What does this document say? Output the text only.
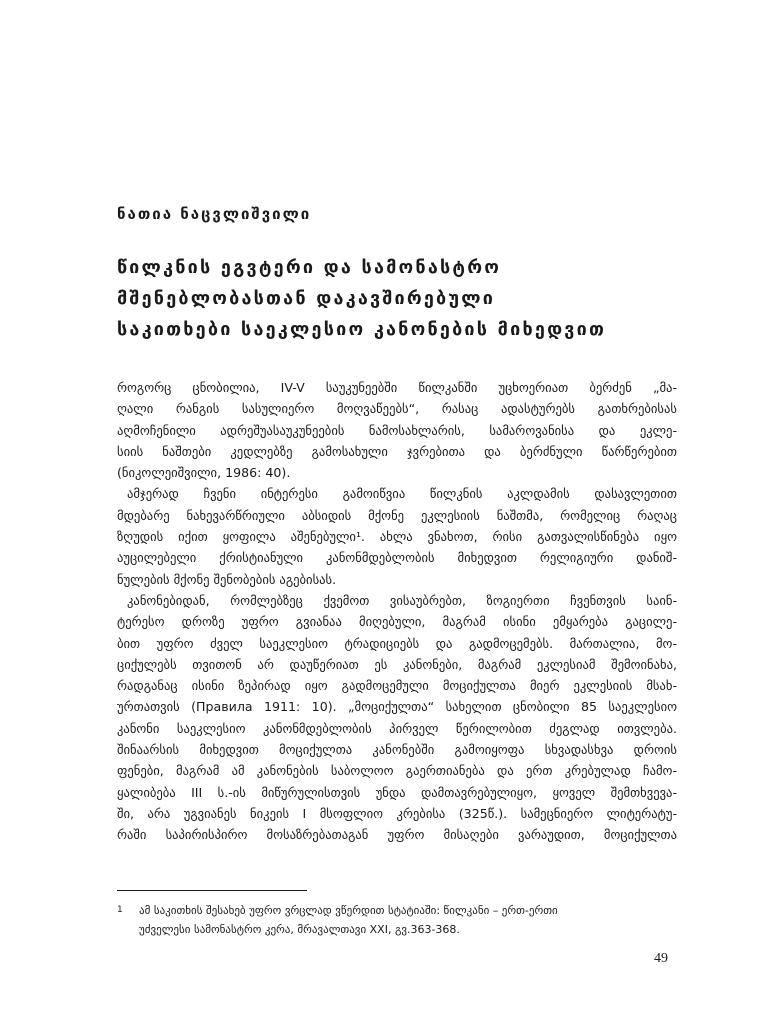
ნათია ნაცვლიშვილი
წილკნის ეგვტერი და სამონასტრო
მშენებლობასთან დაკავშირებული
საკითხები საეკლესიო კანონების მიხედვით
როგორც ცნობილია, IV-V საუკუნეებში წილკანში უცხოერიათ ბერძენ „მა-
ღალი რანგის სასულიერო მოღვაწეებს“, რასაც ადასტურებს გათხრებისას
აღმოჩენილი ადრეშუასაუკუნეების ნამოსახლარის, სამაროვანისა და ეკლე-
სიის ნაშთები კედლებზე გამოსახული ჯვრებითა და ბერძნული წარწერებით
(ნიკოლეიშვილი, 1986: 40).
ამჯერად ჩვენი ინტერესი გამოიწვია წილკნის აკლდამის დასავლეთით
მდებარე ნახევარწრიული აბსიდის მქონე ეკლესიის ნაშთმა, რომელიც რაღაც
ზღუდის იქით ყოფილა აშენებული¹. ახლა ვნახოთ, რისი გათვალისწინება იყო
აუცილებელი ქრისტიანული კანონმდებლობის მიხედვით რელიგიური დანიშ-
ნულების მქონე შენობების აგებისას.
კანონებიდან, რომლებზეც ქვემოთ ვისაუბრებთ, ზოგიერთი ჩვენთვის საინ-
ტერესო დროზე უფრო გვიანაა მიღებული, მაგრამ ისინი ემყარება გაცილე-
ბით უფრო ძველ საეკლესიო ტრადიციებს და გადმოცემებს. მართალია, მო-
ციქულებს თვითონ არ დაუწერიათ ეს კანონები, მაგრამ ეკლესიამ შემოინახა,
რადგანაც ისინი ზეპირად იყო გადმოცემული მოციქულთა მიერ ეკლესიის მსახ-
ურთათვის (Правила 1911: 10). „მოციქულთა“ სახელით ცნობილი 85 საეკლესიო
კანონი საეკლესიო კანონმდებლობის პირველ წერილობით ძეგლად ითვლება.
შინაარსის მიხედვით მოციქულთა კანონებში გამოიყოფა სხვადასხვა დროის
ფენები, მაგრამ ამ კანონების საბოლოო გაერთიანება და ერთ კრებულად ჩამო-
ყალიბება III ს.-ის მიწურულისთვის უნდა დამთავრებულიყო, ყოველ შემთხვევა-
ში, არა უგვიანეს ნიკეის I მსოფლიო კრებისა (325წ.). სამეცნიერო ლიტერატუ-
რაში საპირისპირო მოსაზრებათაგან უფრო მისაღები ვარაუდით, მოციქულთა
1 ამ საკითხის შესახებ უფრო ვრცლად ვწერდით სტატიაში: წილკანი – ერთ-ერთი
უძველესი სამონასტრო კერა, მრავალთავი XXI, გვ.363-368.
49
